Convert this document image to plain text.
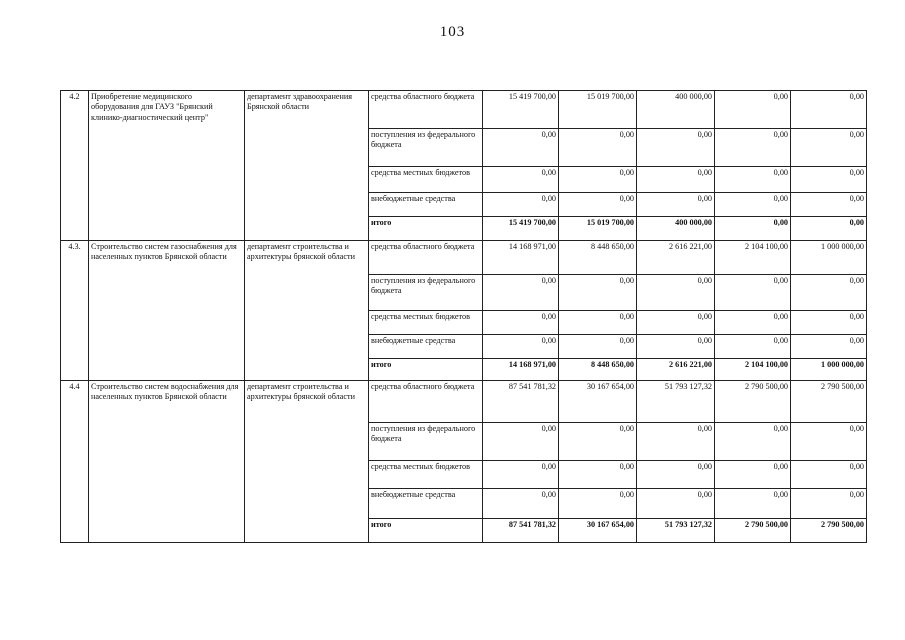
103
4.2	Приобретение медицинского оборудования для ГАУЗ "Брянский клинико-диагностический центр"	департамент здравоохранения Брянской области	средства областного бюджета	15 419 700,00	15 019 700,00	400 000,00	0,00	0,00
			поступления из федерального бюджета	0,00	0,00	0,00	0,00	0,00
			средства местных бюджетов	0,00	0,00	0,00	0,00	0,00
			внебюджетные средства	0,00	0,00	0,00	0,00	0,00
			итого	15 419 700,00	15 019 700,00	400 000,00	0,00	0,00
4.3.	Строительство систем газоснабжения для населенных пунктов Брянской области	департамент строительства и архитектуры брянской области	средства областного бюджета	14 168 971,00	8 448 650,00	2 616 221,00	2 104 100,00	1 000 000,00
			поступления из федерального бюджета	0,00	0,00	0,00	0,00	0,00
			средства местных бюджетов	0,00	0,00	0,00	0,00	0,00
			внебюджетные средства	0,00	0,00	0,00	0,00	0,00
			итого	14 168 971,00	8 448 650,00	2 616 221,00	2 104 100,00	1 000 000,00
4.4	Строительство систем водоснабжения для населенных пунктов Брянской области	департамент строительства и архитектуры брянской области	средства областного бюджета	87 541 781,32	30 167 654,00	51 793 127,32	2 790 500,00	2 790 500,00
			поступления из федерального бюджета	0,00	0,00	0,00	0,00	0,00
			средства местных бюджетов	0,00	0,00	0,00	0,00	0,00
			внебюджетные средства	0,00	0,00	0,00	0,00	0,00
			итого	87 541 781,32	30 167 654,00	51 793 127,32	2 790 500,00	2 790 500,00
